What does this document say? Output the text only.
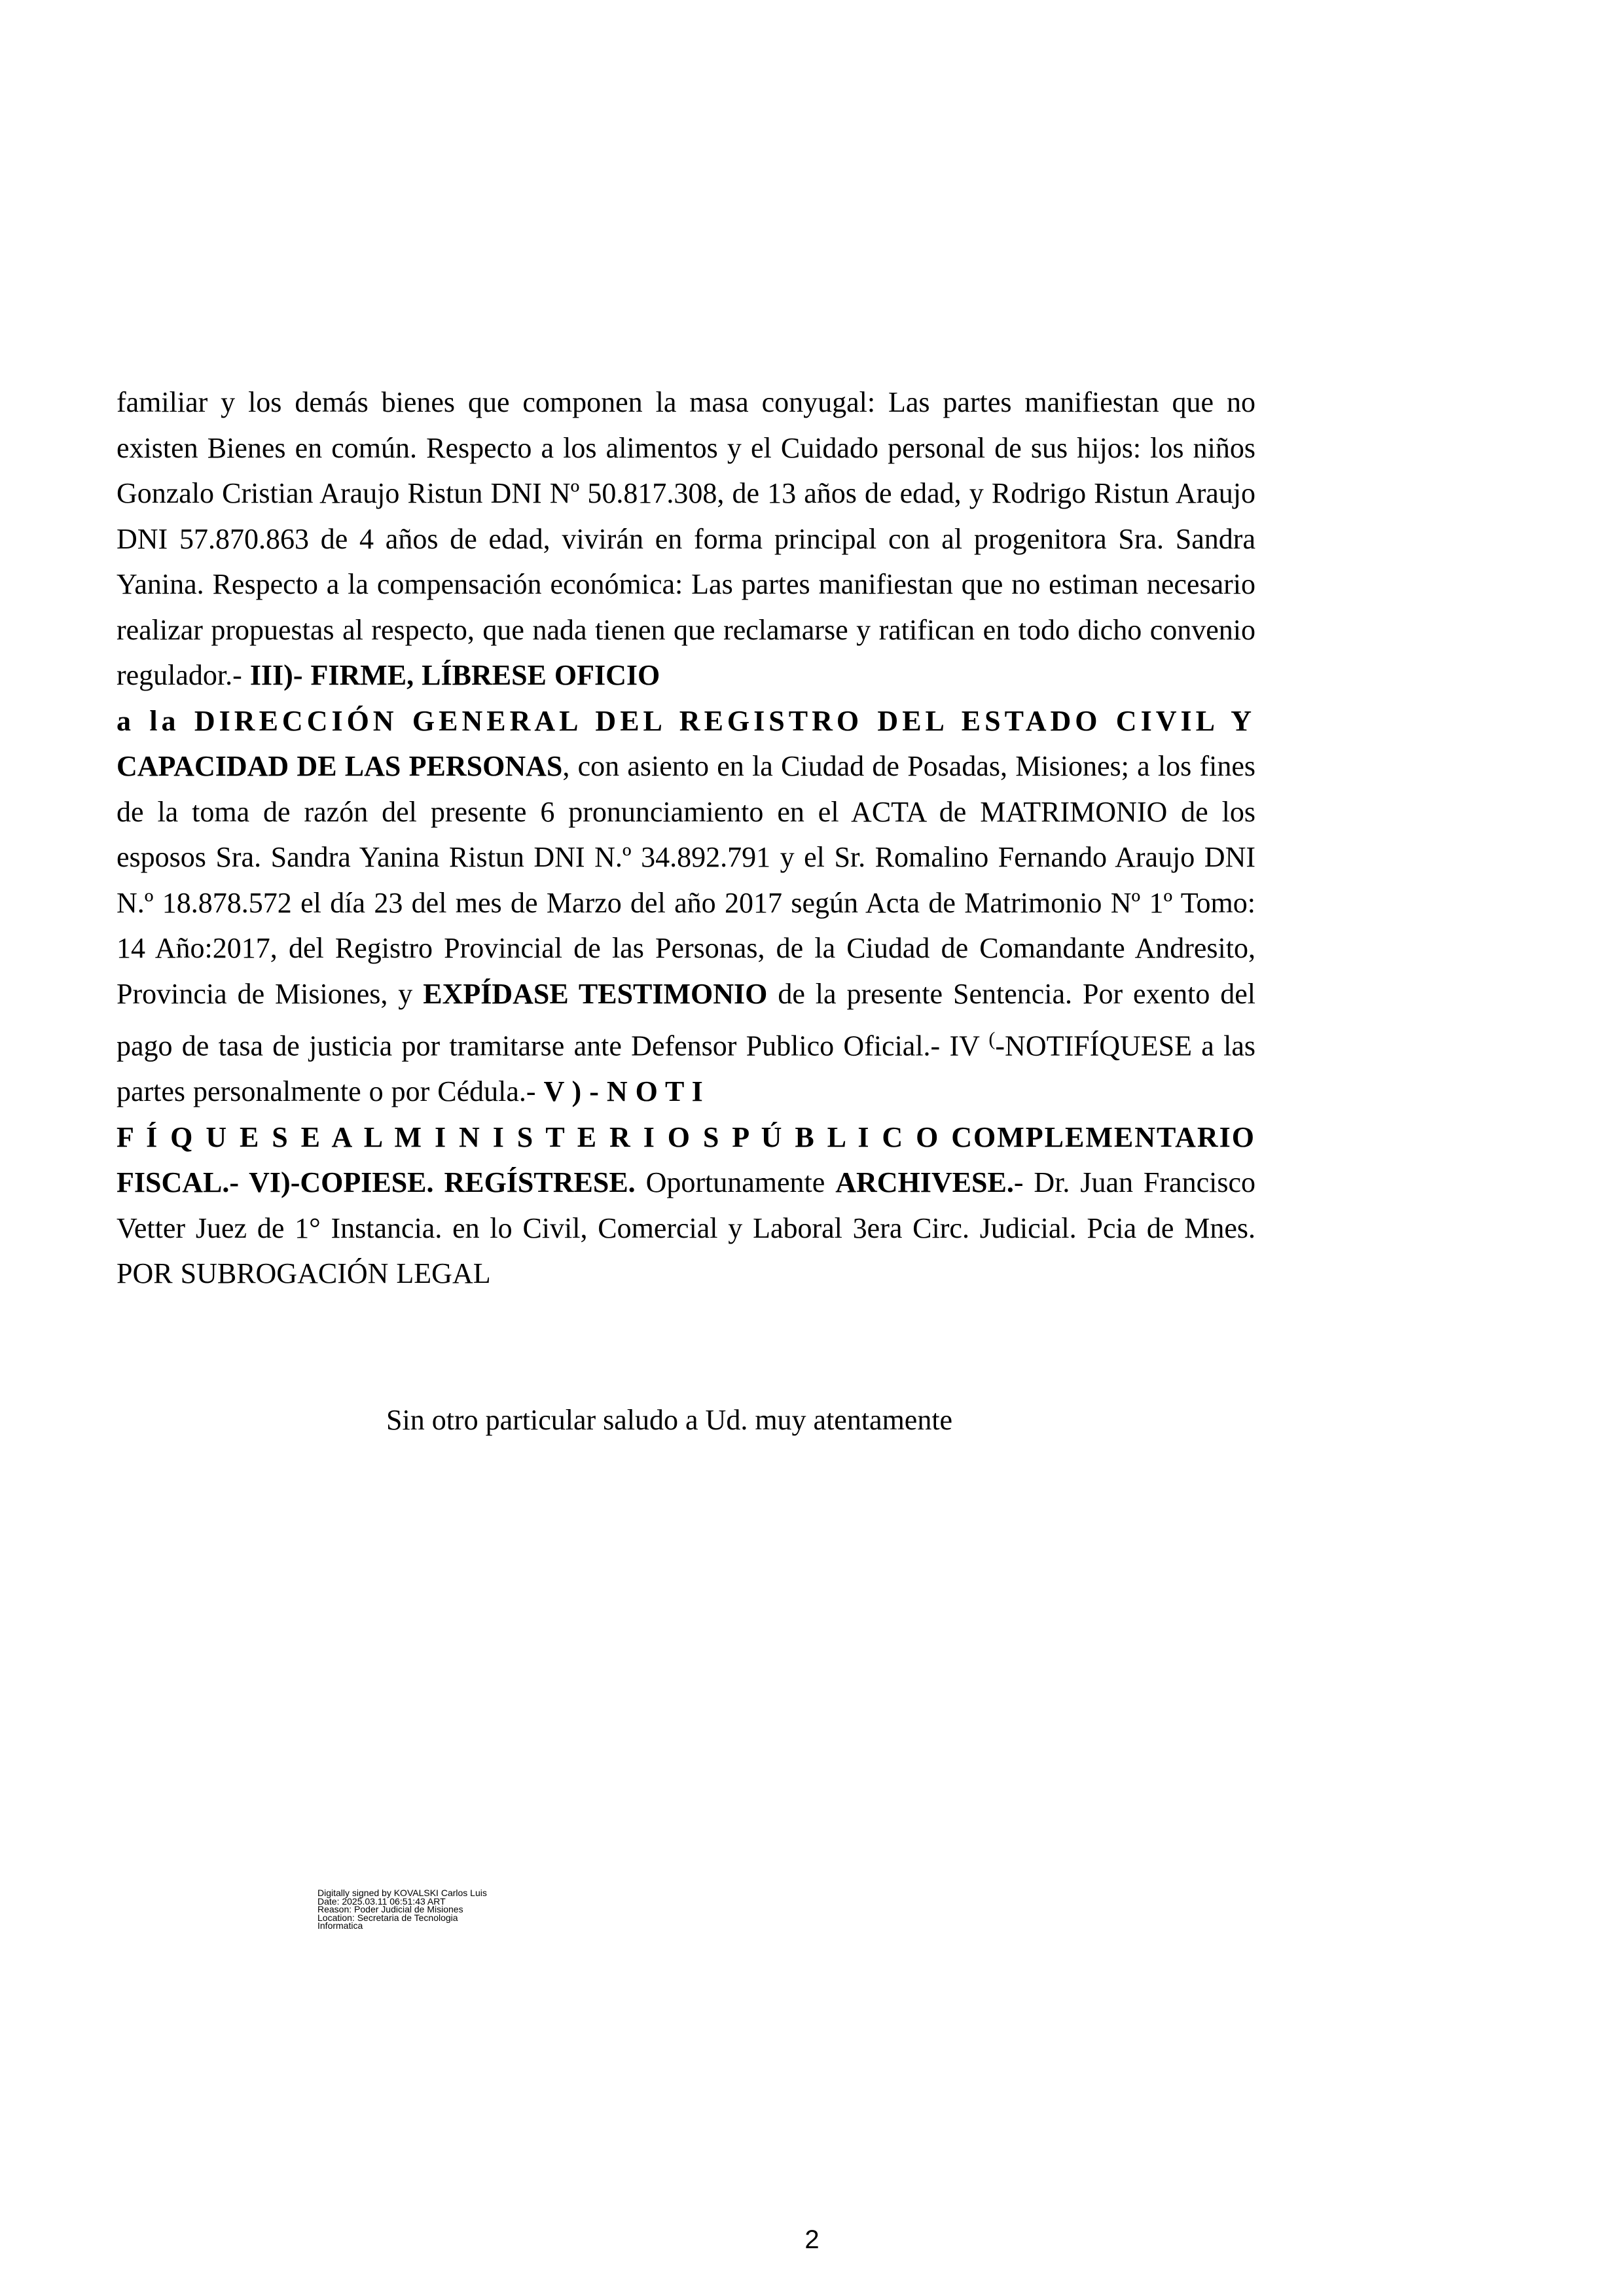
familiar y los demás bienes que componen la masa conyugal: Las partes manifiestan que no existen Bienes en común. Respecto a los alimentos y el Cuidado personal de sus hijos: los niños Gonzalo Cristian Araujo Ristun DNI Nº 50.817.308, de 13 años de edad, y Rodrigo Ristun Araujo DNI 57.870.863 de 4 años de edad, vivirán en forma principal con al progenitora Sra. Sandra Yanina. Respecto a la compensación económica: Las partes manifiestan que no estiman necesario realizar propuestas al respecto, que nada tienen que reclamarse y ratifican en todo dicho convenio regulador.- III)- FIRME, LÍBRESE OFICIO
a la DIRECCIÓN GENERAL DEL REGISTRO DEL ESTADO CIVIL Y
CAPACIDAD DE LAS PERSONAS, con asiento en la Ciudad de Posadas, Misiones; a los fines de la toma de razón del presente 6 pronunciamiento en el ACTA de MATRIMONIO de los esposos Sra. Sandra Yanina Ristun DNI N.º 34.892.791 y el Sr. Romalino Fernando Araujo DNI N.º 18.878.572 el día 23 del mes de Marzo del año 2017 según Acta de Matrimonio Nº 1º Tomo: 14 Año:2017, del Registro Provincial de las Personas, de la Ciudad de Comandante Andresito, Provincia de Misiones, y EXPÍDASE TESTIMONIO de la presente Sentencia. Por exento del pago de tasa de justicia por tramitarse ante Defensor Publico Oficial.- IV (-NOTIFÍQUESE a las partes personalmente o por Cédula.- V ) - N O T I
F Í Q U E S E A L M I N I S T E R I O S P Ú B L I C O COMPLEMENTARIO
FISCAL.- VI)-COPIESE. REGÍSTRESE. Oportunamente ARCHIVESE.- Dr. Juan Francisco Vetter Juez de 1° Instancia. en lo Civil, Comercial y Laboral 3era Circ. Judicial. Pcia de Mnes. POR SUBROGACIÓN LEGAL
Sin otro particular saludo a Ud. muy atentamente
Digitally signed by KOVALSKI Carlos Luis
Date: 2025.03.11 06:51:43 ART
Reason: Poder Judicial de Misiones
Location: Secretaria de Tecnologia
Informatica
2
